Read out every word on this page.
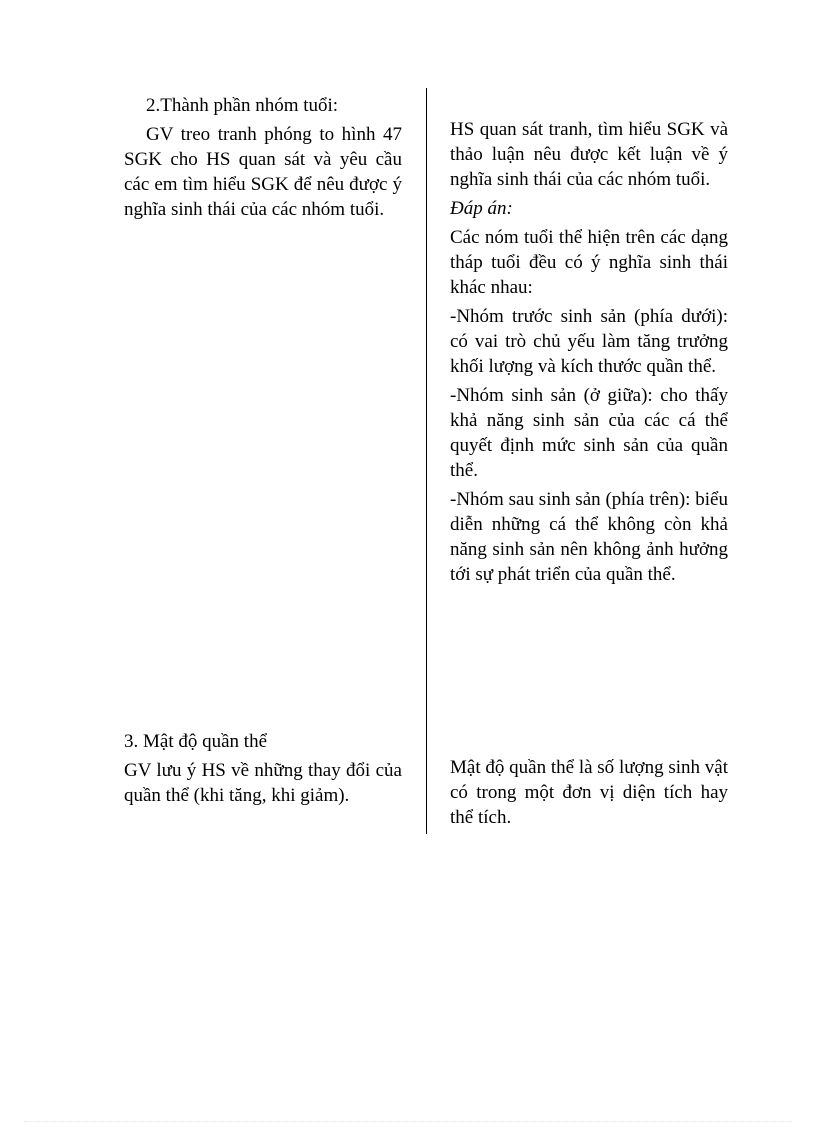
2.Thành phần nhóm tuổi:

GV treo tranh phóng to hình 47 SGK cho HS quan sát và yêu cầu các em tìm hiểu SGK để nêu được ý nghĩa sinh thái của các nhóm tuổi.

HS quan sát tranh, tìm hiểu SGK và thảo luận nêu được kết luận về ý nghĩa sinh thái của các nhóm tuổi.

Đáp án:

Các nóm tuổi thể hiện trên các dạng tháp tuổi đều có ý nghĩa sinh thái khác nhau:

-Nhóm trước sinh sản (phía dưới): có vai trò chủ yếu làm tăng trưởng khối lượng và kích thước quần thể.

-Nhóm sinh sản (ở giữa): cho thấy khả năng sinh sản của các cá thể quyết định mức sinh sản của quần thể.

-Nhóm sau sinh sản (phía trên): biểu diễn những cá thể không còn khả năng sinh sản nên không ảnh hưởng tới sự phát triển của quần thể.

3. Mật độ quần thể

GV lưu ý HS về những thay đổi của quần thể (khi tăng, khi giảm).

Mật độ quần thể là số lượng sinh vật có trong một đơn vị diện tích hay thể tích.
